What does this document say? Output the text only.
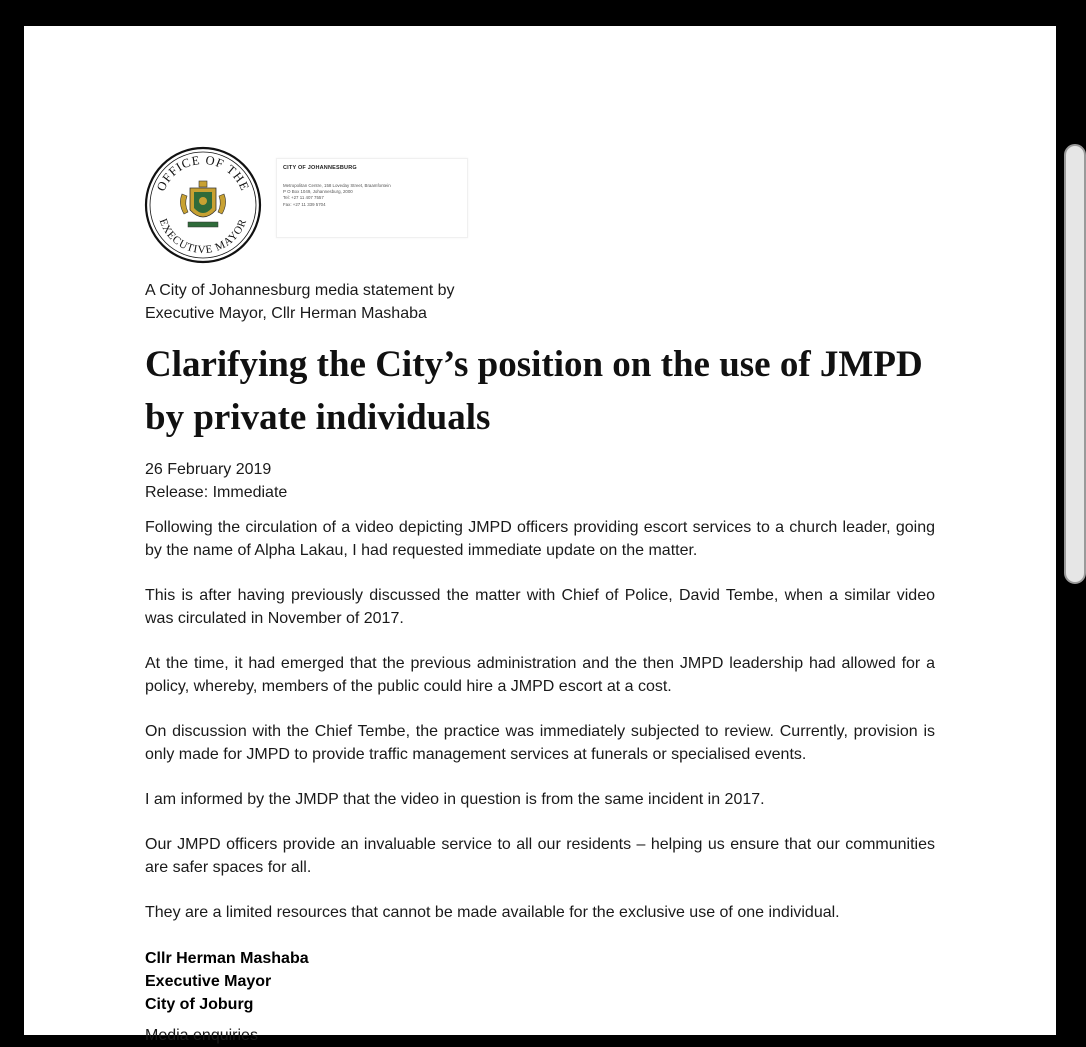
OFFICE OF THE
EXECUTIVE MAYOR
CITY OF JOHANNESBURG
Metropolitan Centre, 158 Loveday Street, Braamfontein
P O Box 1049, Johannesburg, 2000
Tel: +27 11 407 7557
Fax: +27 11 339 5704
A City of Johannesburg media statement by
Executive Mayor, Cllr Herman Mashaba
Clarifying the City’s position on the use of JMPD by private individuals
26 February 2019
Release: Immediate

Following the circulation of a video depicting JMPD officers providing escort services to a church leader, going by the name of Alpha Lakau, I had requested immediate update on the matter.

This is after having previously discussed the matter with Chief of Police, David Tembe, when a similar video was circulated in November of 2017.

At the time, it had emerged that the previous administration and the then JMPD leadership had allowed for a policy, whereby, members of the public could hire a JMPD escort at a cost.

On discussion with the Chief Tembe, the practice was immediately subjected to review. Currently, provision is only made for JMPD to provide traffic management services at funerals or specialised events.

I am informed by the JMDP that the video in question is from the same incident in 2017.

Our JMPD officers provide an invaluable service to all our residents – helping us ensure that our communities are safer spaces for all.

They are a limited resources that cannot be made available for the exclusive use of one individual.

Cllr Herman Mashaba
Executive Mayor
City of Joburg
Media enquiries
